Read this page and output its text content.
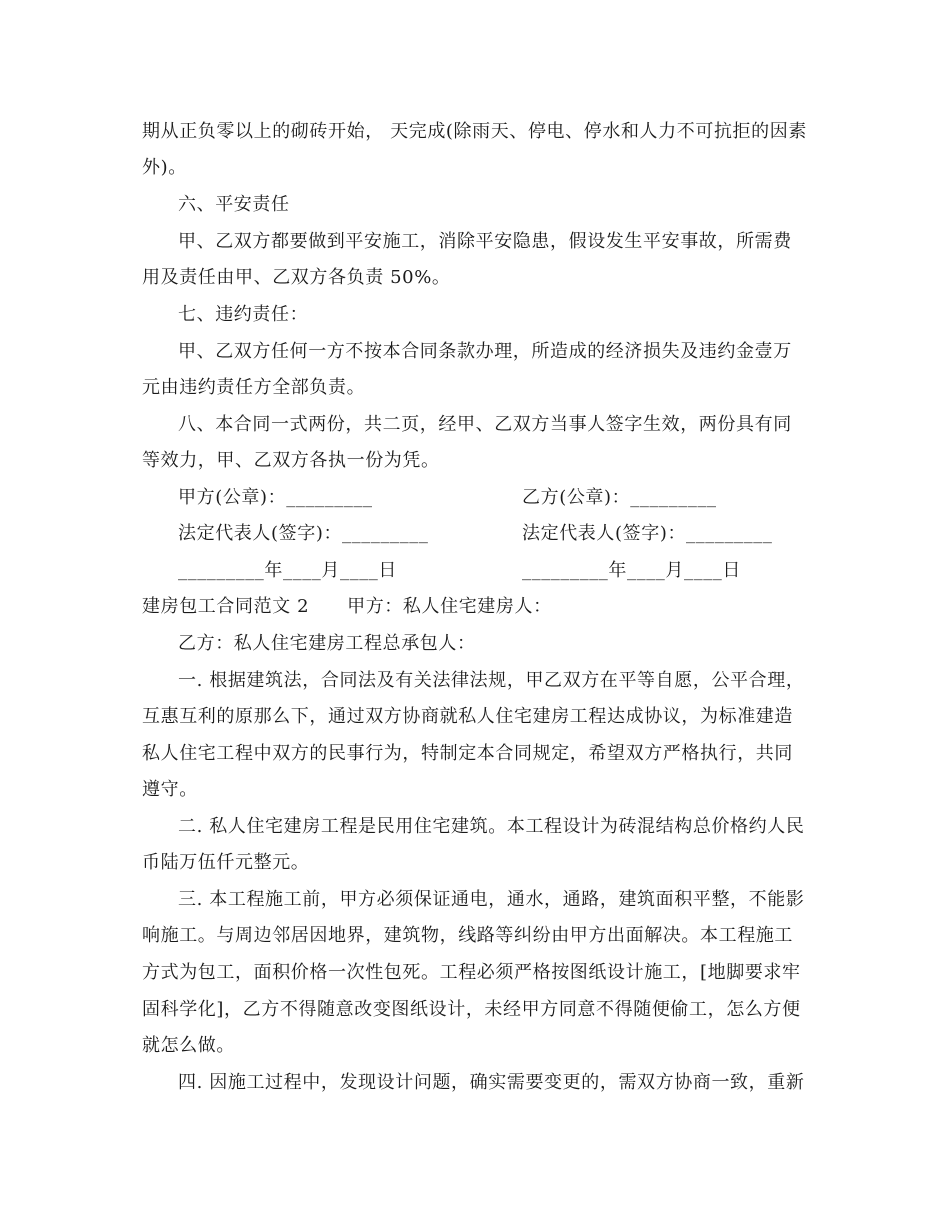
期从正负零以上的砌砖开始， 天完成(除雨天、停电、停水和人力不可抗拒的因素
外)。
六、平安责任
甲、乙双方都要做到平安施工，消除平安隐患，假设发生平安事故，所需费
用及责任由甲、乙双方各负责 50%。
七、违约责任：
甲、乙双方任何一方不按本合同条款办理，所造成的经济损失及违约金壹万
元由违约责任方全部负责。
八、本合同一式两份，共二页，经甲、乙双方当事人签字生效，两份具有同
等效力，甲、乙双方各执一份为凭。
甲方(公章)：_________	乙方(公章)：_________
法定代表人(签字)：_________	法定代表人(签字)：_________
_________年____月____日	_________年____月____日
建房包工合同范文 2      甲方：私人住宅建房人：
乙方：私人住宅建房工程总承包人：
一. 根据建筑法，合同法及有关法律法规，甲乙双方在平等自愿，公平合理，
互惠互利的原那么下，通过双方协商就私人住宅建房工程达成协议，为标准建造
私人住宅工程中双方的民事行为，特制定本合同规定，希望双方严格执行，共同
遵守。
二. 私人住宅建房工程是民用住宅建筑。本工程设计为砖混结构总价格约人民
币陆万伍仟元整元。
三. 本工程施工前，甲方必须保证通电，通水，通路，建筑面积平整，不能影
响施工。与周边邻居因地界，建筑物，线路等纠纷由甲方出面解决。本工程施工
方式为包工，面积价格一次性包死。工程必须严格按图纸设计施工，[地脚要求牢
固科学化]，乙方不得随意改变图纸设计，未经甲方同意不得随便偷工，怎么方便
就怎么做。
四. 因施工过程中，发现设计问题，确实需要变更的，需双方协商一致，重新
